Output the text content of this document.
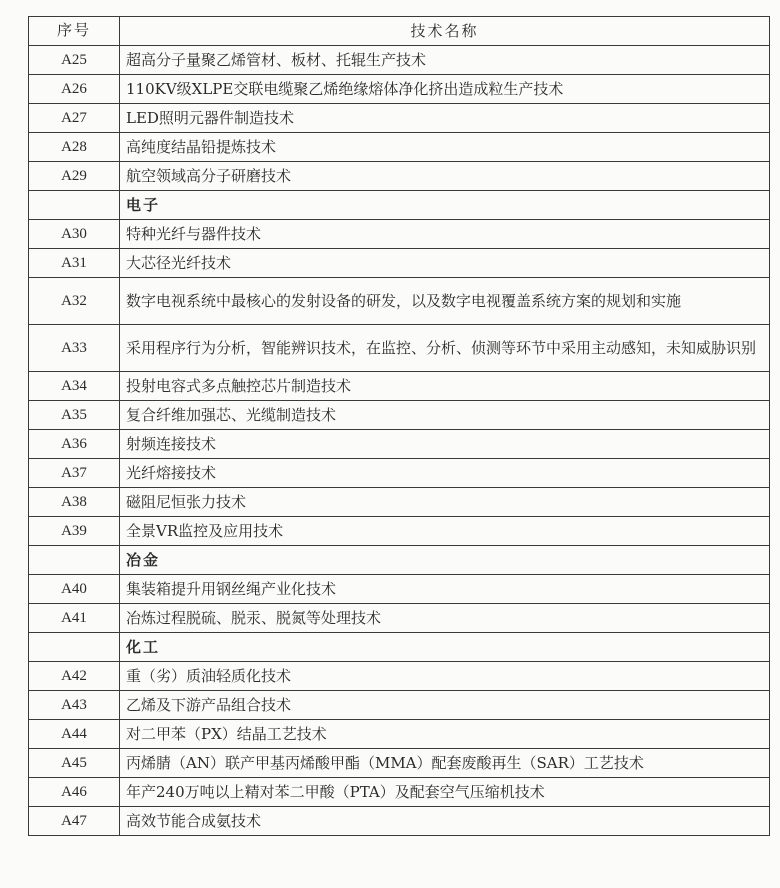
序号	技术名称
A25	超高分子量聚乙烯管材、板材、托辊生产技术

A26	110KV级XLPE交联电缆聚乙烯绝缘熔体净化挤出造成粒生产技术

A27	LED照明元器件制造技术

A28	高纯度结晶铅提炼技术

A29	航空领域高分子研磨技术

	电子

A30	特种光纤与器件技术

A31	大芯径光纤技术

A32	数字电视系统中最核心的发射设备的研发，以及数字电视覆盖系统方案的规划和实施

A33	采用程序行为分析，智能辨识技术，在监控、分析、侦测等环节中采用主动感知，未知威胁识别

A34	投射电容式多点触控芯片制造技术

A35	复合纤维加强芯、光缆制造技术

A36	射频连接技术

A37	光纤熔接技术

A38	磁阻尼恒张力技术

A39	全景VR监控及应用技术

	冶金

A40	集装箱提升用钢丝绳产业化技术

A41	冶炼过程脱硫、脱汞、脱氮等处理技术

	化工

A42	重（劣）质油轻质化技术

A43	乙烯及下游产品组合技术

A44	对二甲苯（PX）结晶工艺技术

A45	丙烯腈（AN）联产甲基丙烯酸甲酯（MMA）配套废酸再生（SAR）工艺技术

A46	年产240万吨以上精对苯二甲酸（PTA）及配套空气压缩机技术

A47	高效节能合成氨技术
